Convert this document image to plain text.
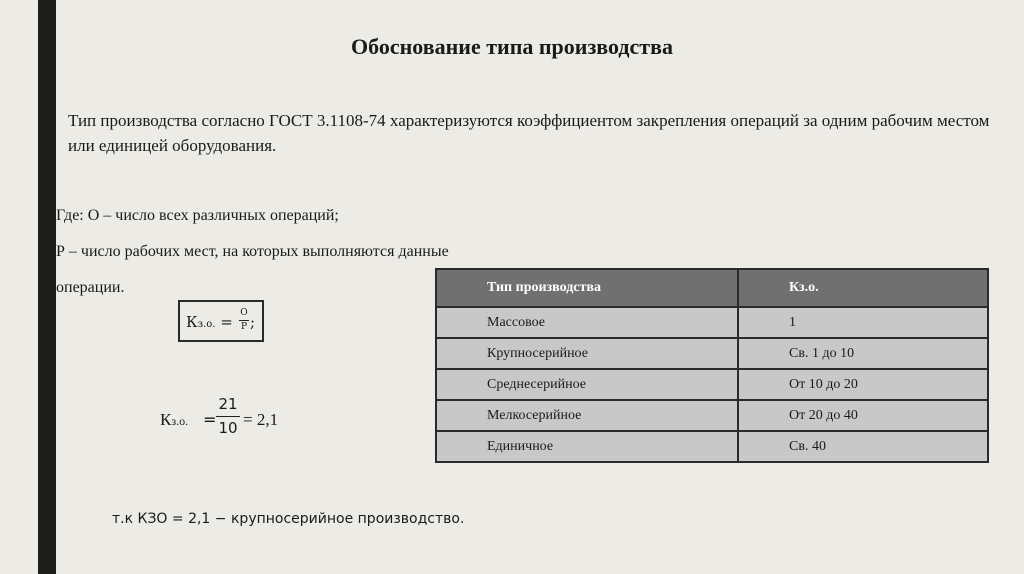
Обоснование типа производства
Тип производства согласно ГОСТ 3.1108-74 характеризуются коэффициентом закрепления операций за одним рабочим местом или единицей оборудования.
Где: О – число всех различных операций;
Р – число рабочих мест, на которых выполняются данные
операции.
Кз.о. = О
Р ;
Кз.о. =
21
10 = 2,1
Тип производства	Кз.о.
Массовое	1
Крупносерийное	Св. 1 до 10
Среднесерийное	От 10 до 20
Мелкосерийное	От 20 до 40
Единичное	Св. 40
т.к КЗО = 2,1 − крупносерийное производство.
